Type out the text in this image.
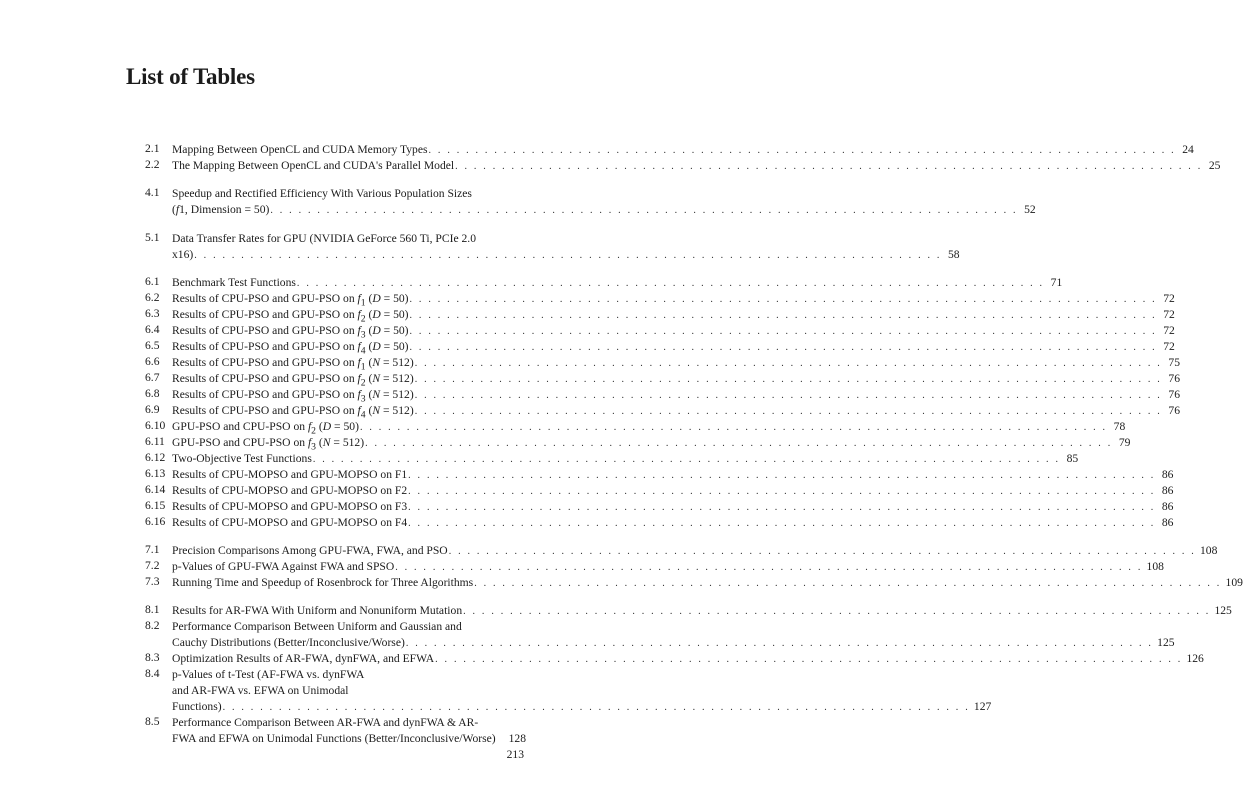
List of Tables
2.1 Mapping Between OpenCL and CUDA Memory Types . . . . . . . . . . . . . . . . . . . . . . . . . . . . . . . . . . . . . . . . . . . . . . . . . . . . . . . . . . . . . . . . . . . . . . . . . . . . . . . . 24
2.2 The Mapping Between OpenCL and CUDA's Parallel Model . . . . . . . . . . . . . . . . . . . . . . . . . . . . . . . . . . . . . . . . . . . . . . . . . . . . . . . . . . . . . . . . . . . . . . . . . . . . . . . . 25
4.1 Speedup and Rectified Efficiency With Various Population Sizes
(f1, Dimension = 50) . . . . . . . . . . . . . . . . . . . . . . . . . . . . . . . . . . . . . . . . . . . . . . . . . . . . . . . . . . . . . . . . . . . . . . . . . . . . . . . . 52
5.1 Data Transfer Rates for GPU (NVIDIA GeForce 560 Ti, PCIe 2.0
x16) . . . . . . . . . . . . . . . . . . . . . . . . . . . . . . . . . . . . . . . . . . . . . . . . . . . . . . . . . . . . . . . . . . . . . . . . . . . . . . . . 58
6.1 Benchmark Test Functions . . . . . . . . . . . . . . . . . . . . . . . . . . . . . . . . . . . . . . . . . . . . . . . . . . . . . . . . . . . . . . . . . . . . . . . . . . . . . . . . 71
6.2 Results of CPU-PSO and GPU-PSO on $f_1$ (D = 50) . . . . . . . . . . . . . . . . . . . . . . . . . . . . . . . . . . . . . . . . . . . . . . . . . . . . . . . . . . . . . . . . . . . . . . . . . . . . . . . . 72
6.3 Results of CPU-PSO and GPU-PSO on $f_2$ (D = 50) . . . . . . . . . . . . . . . . . . . . . . . . . . . . . . . . . . . . . . . . . . . . . . . . . . . . . . . . . . . . . . . . . . . . . . . . . . . . . . . . 72
6.4 Results of CPU-PSO and GPU-PSO on $f_3$ (D = 50) . . . . . . . . . . . . . . . . . . . . . . . . . . . . . . . . . . . . . . . . . . . . . . . . . . . . . . . . . . . . . . . . . . . . . . . . . . . . . . . . 72
6.5 Results of CPU-PSO and GPU-PSO on $f_4$ (D = 50) . . . . . . . . . . . . . . . . . . . . . . . . . . . . . . . . . . . . . . . . . . . . . . . . . . . . . . . . . . . . . . . . . . . . . . . . . . . . . . . . 72
6.6 Results of CPU-PSO and GPU-PSO on $f_1$ (N = 512) . . . . . . . . . . . . . . . . . . . . . . . . . . . . . . . . . . . . . . . . . . . . . . . . . . . . . . . . . . . . . . . . . . . . . . . . . . . . . . . . 75
6.7 Results of CPU-PSO and GPU-PSO on $f_2$ (N = 512) . . . . . . . . . . . . . . . . . . . . . . . . . . . . . . . . . . . . . . . . . . . . . . . . . . . . . . . . . . . . . . . . . . . . . . . . . . . . . . . . 76
6.8 Results of CPU-PSO and GPU-PSO on $f_3$ (N = 512) . . . . . . . . . . . . . . . . . . . . . . . . . . . . . . . . . . . . . . . . . . . . . . . . . . . . . . . . . . . . . . . . . . . . . . . . . . . . . . . . 76
6.9 Results of CPU-PSO and GPU-PSO on $f_4$ (N = 512) . . . . . . . . . . . . . . . . . . . . . . . . . . . . . . . . . . . . . . . . . . . . . . . . . . . . . . . . . . . . . . . . . . . . . . . . . . . . . . . . 76
6.10 GPU-PSO and CPU-PSO on $f_2$ (D = 50) . . . . . . . . . . . . . . . . . . . . . . . . . . . . . . . . . . . . . . . . . . . . . . . . . . . . . . . . . . . . . . . . . . . . . . . . . . . . . . . . 78
6.11 GPU-PSO and CPU-PSO on $f_3$ (N = 512) . . . . . . . . . . . . . . . . . . . . . . . . . . . . . . . . . . . . . . . . . . . . . . . . . . . . . . . . . . . . . . . . . . . . . . . . . . . . . . . . 79
6.12 Two-Objective Test Functions . . . . . . . . . . . . . . . . . . . . . . . . . . . . . . . . . . . . . . . . . . . . . . . . . . . . . . . . . . . . . . . . . . . . . . . . . . . . . . . . 85
6.13 Results of CPU-MOPSO and GPU-MOPSO on F1 . . . . . . . . . . . . . . . . . . . . . . . . . . . . . . . . . . . . . . . . . . . . . . . . . . . . . . . . . . . . . . . . . . . . . . . . . . . . . . . . 86
6.14 Results of CPU-MOPSO and GPU-MOPSO on F2 . . . . . . . . . . . . . . . . . . . . . . . . . . . . . . . . . . . . . . . . . . . . . . . . . . . . . . . . . . . . . . . . . . . . . . . . . . . . . . . . 86
6.15 Results of CPU-MOPSO and GPU-MOPSO on F3 . . . . . . . . . . . . . . . . . . . . . . . . . . . . . . . . . . . . . . . . . . . . . . . . . . . . . . . . . . . . . . . . . . . . . . . . . . . . . . . . 86
6.16 Results of CPU-MOPSO and GPU-MOPSO on F4 . . . . . . . . . . . . . . . . . . . . . . . . . . . . . . . . . . . . . . . . . . . . . . . . . . . . . . . . . . . . . . . . . . . . . . . . . . . . . . . . 86
7.1 Precision Comparisons Among GPU-FWA, FWA, and PSO . . . . . . . . . . . . . . . . . . . . . . . . . . . . . . . . . . . . . . . . . . . . . . . . . . . . . . . . . . . . . . . . . . . . . . . . . . . . . . . . 108
7.2 p-Values of GPU-FWA Against FWA and SPSO . . . . . . . . . . . . . . . . . . . . . . . . . . . . . . . . . . . . . . . . . . . . . . . . . . . . . . . . . . . . . . . . . . . . . . . . . . . . . . . . 108
7.3 Running Time and Speedup of Rosenbrock for Three Algorithms . . . . . . . . . . . . . . . . . . . . . . . . . . . . . . . . . . . . . . . . . . . . . . . . . . . . . . . . . . . . . . . . . . . . . . . . . . . . . . . . 109
8.1 Results for AR-FWA With Uniform and Nonuniform Mutation . . . . . . . . . . . . . . . . . . . . . . . . . . . . . . . . . . . . . . . . . . . . . . . . . . . . . . . . . . . . . . . . . . . . . . . . . . . . . . . . 125
8.2 Performance Comparison Between Uniform and Gaussian and
Cauchy Distributions (Better/Inconclusive/Worse) . . . . . . . . . . . . . . . . . . . . . . . . . . . . . . . . . . . . . . . . . . . . . . . . . . . . . . . . . . . . . . . . . . . . . . . . . . . . . . . . 125
8.3 Optimization Results of AR-FWA, dynFWA, and EFWA . . . . . . . . . . . . . . . . . . . . . . . . . . . . . . . . . . . . . . . . . . . . . . . . . . . . . . . . . . . . . . . . . . . . . . . . . . . . . . . . 126
8.4 p-Values of t-Test (AF-FWA vs. dynFWA
and AR-FWA vs. EFWA on Unimodal
Functions) . . . . . . . . . . . . . . . . . . . . . . . . . . . . . . . . . . . . . . . . . . . . . . . . . . . . . . . . . . . . . . . . . . . . . . . . . . . . . . . . 127
8.5 Performance Comparison Between AR-FWA and dynFWA & AR-
FWA and EFWA on Unimodal Functions (Better/Inconclusive/Worse) 128
213
